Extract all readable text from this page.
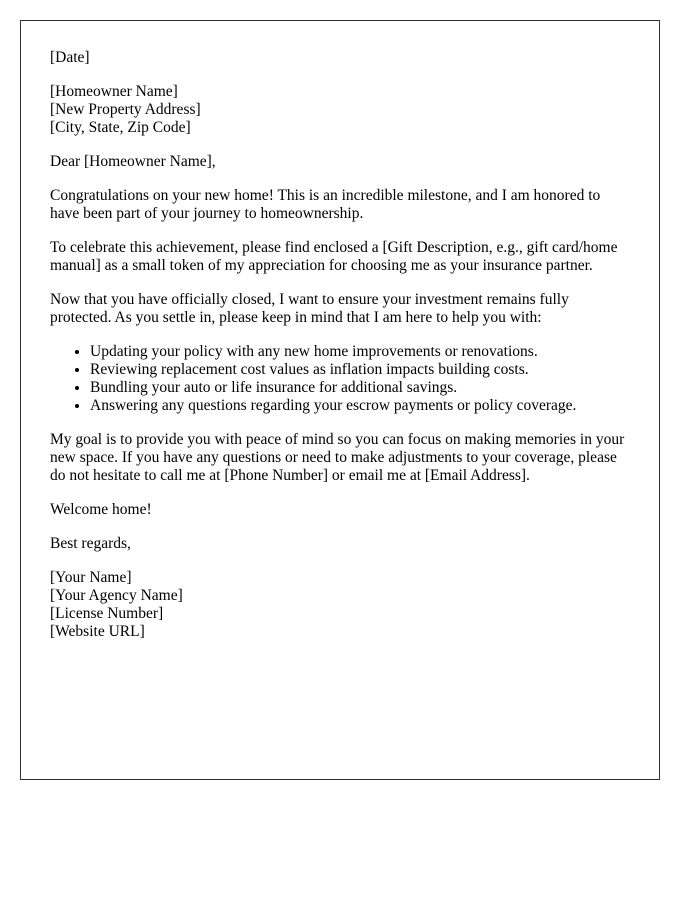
[Date]
[Homeowner Name]
[New Property Address]
[City, State, Zip Code]
Dear [Homeowner Name],
Congratulations on your new home! This is an incredible milestone, and I am honored to have been part of your journey to homeownership.
To celebrate this achievement, please find enclosed a [Gift Description, e.g., gift card/home manual] as a small token of my appreciation for choosing me as your insurance partner.
Now that you have officially closed, I want to ensure your investment remains fully protected. As you settle in, please keep in mind that I am here to help you with:
• Updating your policy with any new home improvements or renovations.
• Reviewing replacement cost values as inflation impacts building costs.
• Bundling your auto or life insurance for additional savings.
• Answering any questions regarding your escrow payments or policy coverage.
My goal is to provide you with peace of mind so you can focus on making memories in your new space. If you have any questions or need to make adjustments to your coverage, please do not hesitate to call me at [Phone Number] or email me at [Email Address].
Welcome home!
Best regards,
[Your Name]
[Your Agency Name]
[License Number]
[Website URL]
